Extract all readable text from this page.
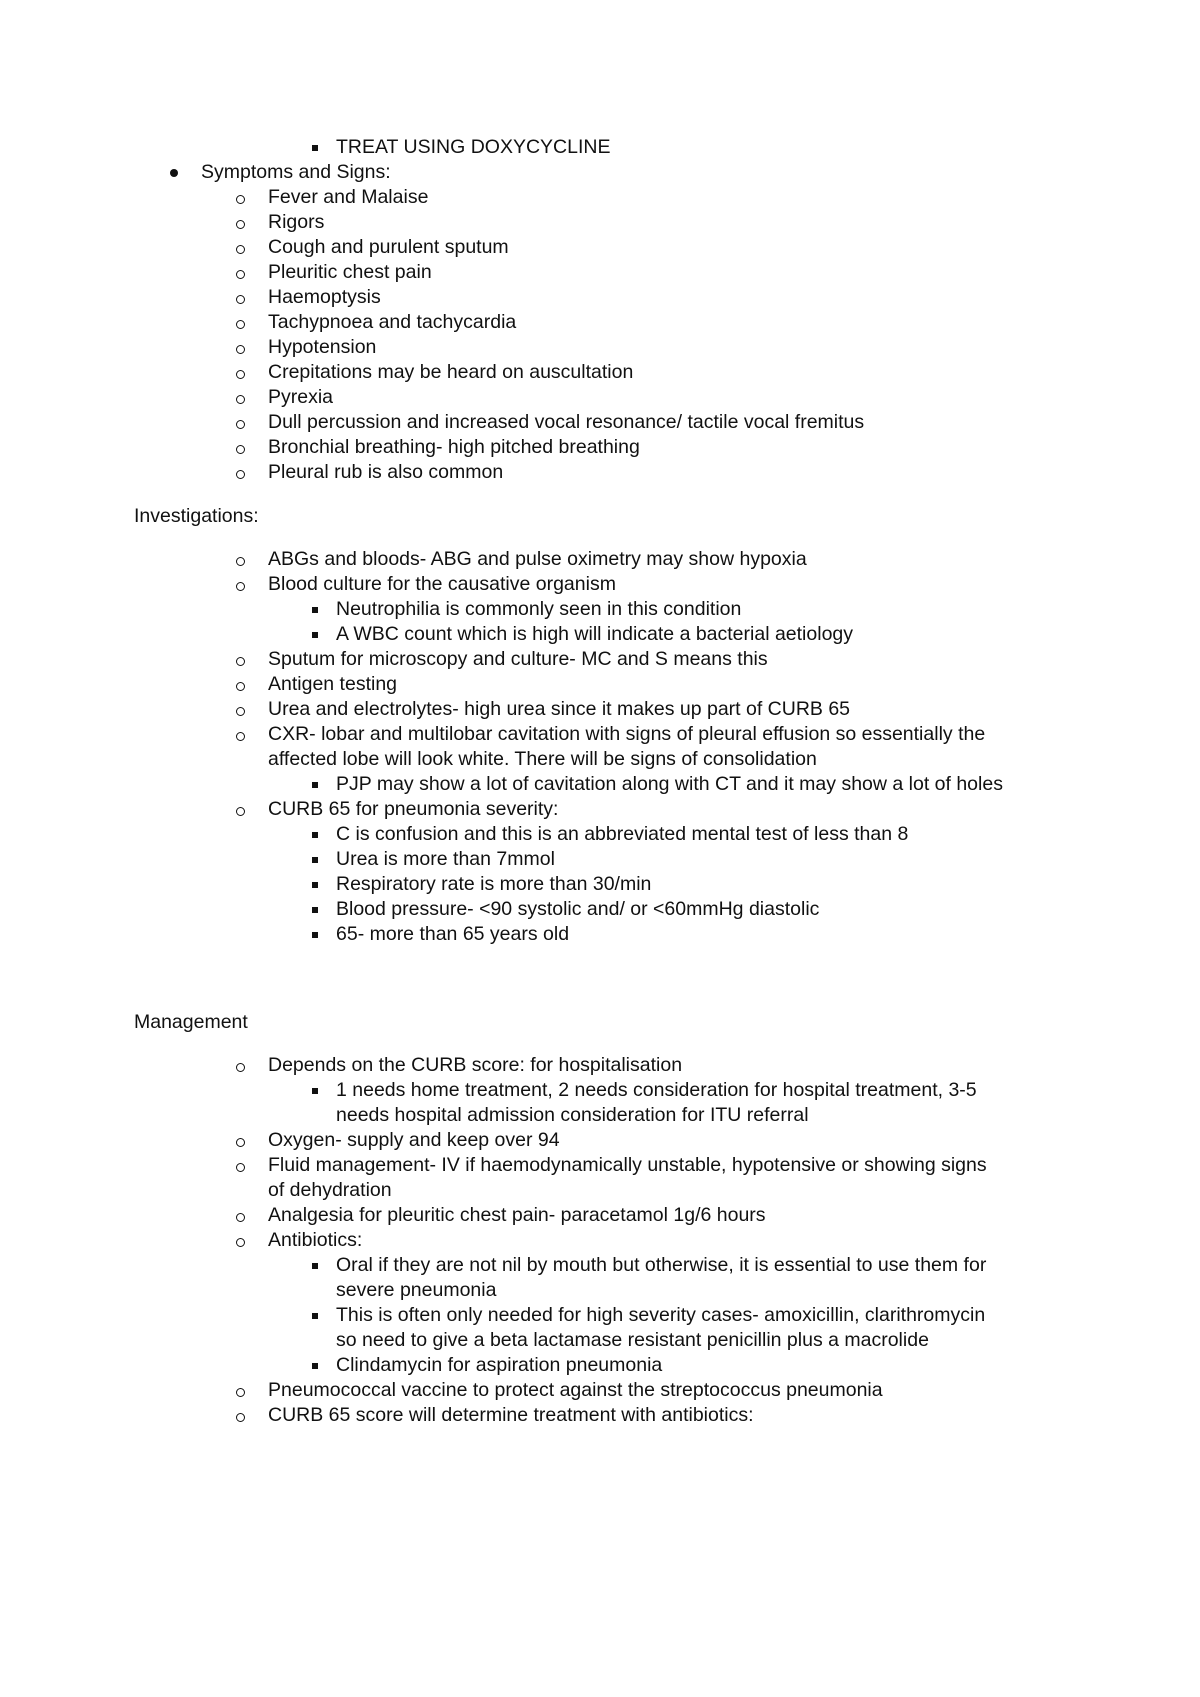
TREAT USING DOXYCYCLINE
Symptoms and Signs:
Fever and Malaise
Rigors
Cough and purulent sputum
Pleuritic chest pain
Haemoptysis
Tachypnoea and tachycardia
Hypotension
Crepitations may be heard on auscultation
Pyrexia
Dull percussion and increased vocal resonance/ tactile vocal fremitus
Bronchial breathing- high pitched breathing
Pleural rub is also common
Investigations:
ABGs and bloods- ABG and pulse oximetry may show hypoxia
Blood culture for the causative organism
Neutrophilia is commonly seen in this condition
A WBC count which is high will indicate a bacterial aetiology
Sputum for microscopy and culture- MC and S means this
Antigen testing
Urea and electrolytes- high urea since it makes up part of CURB 65
CXR- lobar and multilobar cavitation with signs of pleural effusion so essentially the
affected lobe will look white. There will be signs of consolidation
PJP may show a lot of cavitation along with CT and it may show a lot of holes
CURB 65 for pneumonia severity:
C is confusion and this is an abbreviated mental test of less than 8
Urea is more than 7mmol
Respiratory rate is more than 30/min
Blood pressure- <90 systolic and/ or <60mmHg diastolic
65- more than 65 years old
Management
Depends on the CURB score: for hospitalisation
1 needs home treatment, 2 needs consideration for hospital treatment, 3-5
needs hospital admission consideration for ITU referral
Oxygen- supply and keep over 94
Fluid management- IV if haemodynamically unstable, hypotensive or showing signs
of dehydration
Analgesia for pleuritic chest pain- paracetamol 1g/6 hours
Antibiotics:
Oral if they are not nil by mouth but otherwise, it is essential to use them for
severe pneumonia
This is often only needed for high severity cases- amoxicillin, clarithromycin
so need to give a beta lactamase resistant penicillin plus a macrolide
Clindamycin for aspiration pneumonia
Pneumococcal vaccine to protect against the streptococcus pneumonia
CURB 65 score will determine treatment with antibiotics:
